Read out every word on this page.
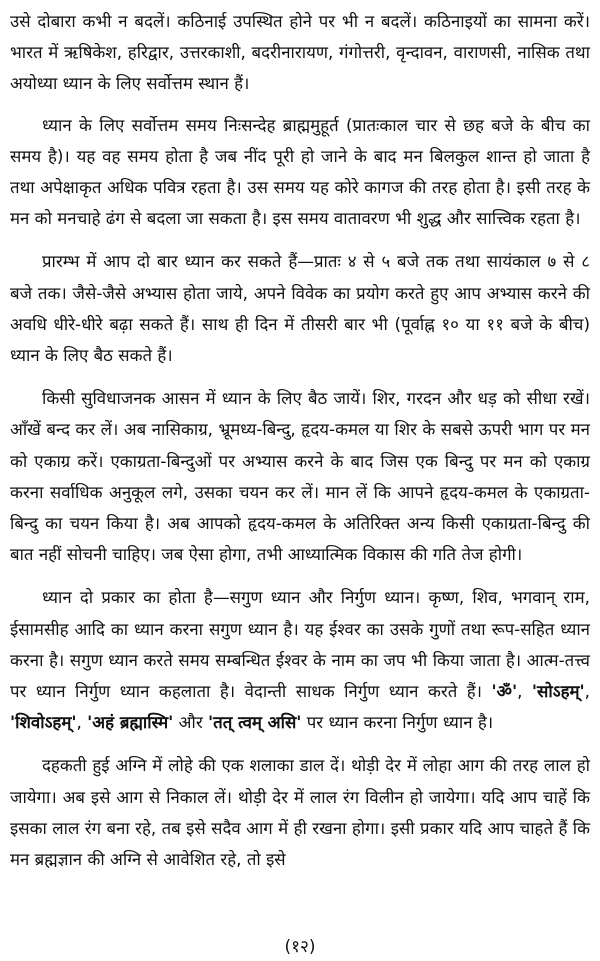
उसे दोबारा कभी न बदलें। कठिनाई उपस्थित होने पर भी न बदलें। कठिनाइयों का सामना करें। भारत में ऋषिकेश, हरिद्वार, उत्तरकाशी, बदरीनारायण, गंगोत्तरी, वृन्दावन, वाराणसी, नासिक तथा अयोध्या ध्यान के लिए सर्वोत्तम स्थान हैं।

ध्यान के लिए सर्वोत्तम समय निःसन्देह ब्राह्ममुहूर्त (प्रातःकाल चार से छह बजे के बीच का समय है)। यह वह समय होता है जब नींद पूरी हो जाने के बाद मन बिलकुल शान्त हो जाता है तथा अपेक्षाकृत अधिक पवित्र रहता है। उस समय यह कोरे कागज की तरह होता है। इसी तरह के मन को मनचाहे ढंग से बदला जा सकता है। इस समय वातावरण भी शुद्ध और सात्त्विक रहता है।

प्रारम्भ में आप दो बार ध्यान कर सकते हैं—प्रातः ४ से ५ बजे तक तथा सायंकाल ७ से ८ बजे तक। जैसे-जैसे अभ्यास होता जाये, अपने विवेक का प्रयोग करते हुए आप अभ्यास करने की अवधि धीरे-धीरे बढ़ा सकते हैं। साथ ही दिन में तीसरी बार भी (पूर्वाह्न १० या ११ बजे के बीच) ध्यान के लिए बैठ सकते हैं।

किसी सुविधाजनक आसन में ध्यान के लिए बैठ जायें। शिर, गरदन और धड़ को सीधा रखें। आँखें बन्द कर लें। अब नासिकाग्र, भ्रूमध्य-बिन्दु, हृदय-कमल या शिर के सबसे ऊपरी भाग पर मन को एकाग्र करें। एकाग्रता-बिन्दुओं पर अभ्यास करने के बाद जिस एक बिन्दु पर मन को एकाग्र करना सर्वाधिक अनुकूल लगे, उसका चयन कर लें। मान लें कि आपने हृदय-कमल के एकाग्रता-बिन्दु का चयन किया है। अब आपको हृदय-कमल के अतिरिक्त अन्य किसी एकाग्रता-बिन्दु की बात नहीं सोचनी चाहिए। जब ऐसा होगा, तभी आध्यात्मिक विकास की गति तेज होगी।

ध्यान दो प्रकार का होता है—सगुण ध्यान और निर्गुण ध्यान। कृष्ण, शिव, भगवान् राम, ईसामसीह आदि का ध्यान करना सगुण ध्यान है। यह ईश्वर का उसके गुणों तथा रूप-सहित ध्यान करना है। सगुण ध्यान करते समय सम्बन्धित ईश्वर के नाम का जप भी किया जाता है। आत्म-तत्त्व पर ध्यान निर्गुण ध्यान कहलाता है। वेदान्ती साधक निर्गुण ध्यान करते हैं। 'ॐ', 'सोऽहम्', 'शिवोऽहम्', 'अहं ब्रह्मास्मि' और 'तत् त्वम् असि' पर ध्यान करना निर्गुण ध्यान है।

दहकती हुई अग्नि में लोहे की एक शलाका डाल दें। थोड़ी देर में लोहा आग की तरह लाल हो जायेगा। अब इसे आग से निकाल लें। थोड़ी देर में लाल रंग विलीन हो जायेगा। यदि आप चाहें कि इसका लाल रंग बना रहे, तब इसे सदैव आग में ही रखना होगा। इसी प्रकार यदि आप चाहते हैं कि मन ब्रह्मज्ञान की अग्नि से आवेशित रहे, तो इसे

(१२)
